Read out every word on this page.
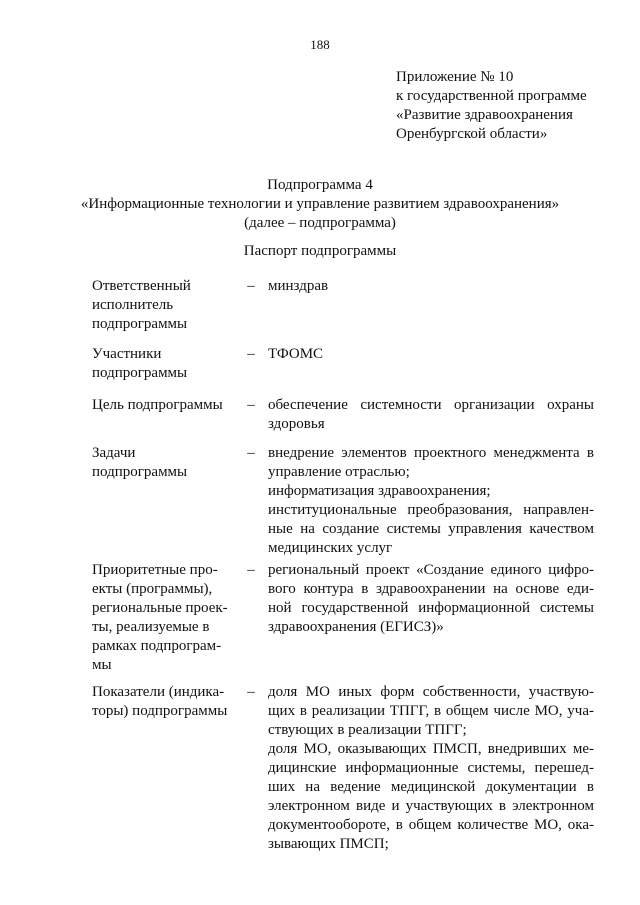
188
Приложение № 10
к государственной программе
«Развитие здравоохранения
Оренбургской области»
Подпрограмма 4
«Информационные технологии и управление развитием здравоохранения»
(далее – подпрограмма)
Паспорт подпрограммы
Ответственный
исполнитель
подпрограммы
– минздрав
Участники
подпрограммы
– ТФОМС
Цель подпрограммы	– обеспечение системности организации охраны
здоровья
Задачи
подпрограммы
– внедрение элементов проектного менеджмента в
управление отраслью;
информатизация здравоохранения;
институциональные преобразования, направлен-
ные на создание системы управления качеством
медицинских услуг
Приоритетные про-
екты (программы),
региональные проек-
ты, реализуемые в
рамках подпрограм-
мы
– региональный проект «Создание единого цифро-
вого контура в здравоохранении на основе еди-
ной государственной информационной системы
здравоохранения (ЕГИСЗ)»
Показатели (индика-
торы) подпрограммы
– доля МО иных форм собственности, участвую-
щих в реализации ТПГГ, в общем числе МО, уча-
ствующих в реализации ТПГГ;
доля МО, оказывающих ПМСП, внедривших ме-
дицинские информационные системы, перешед-
ших на ведение медицинской документации в
электронном виде и участвующих в электронном
документообороте, в общем количестве МО, ока-
зывающих ПМСП;
